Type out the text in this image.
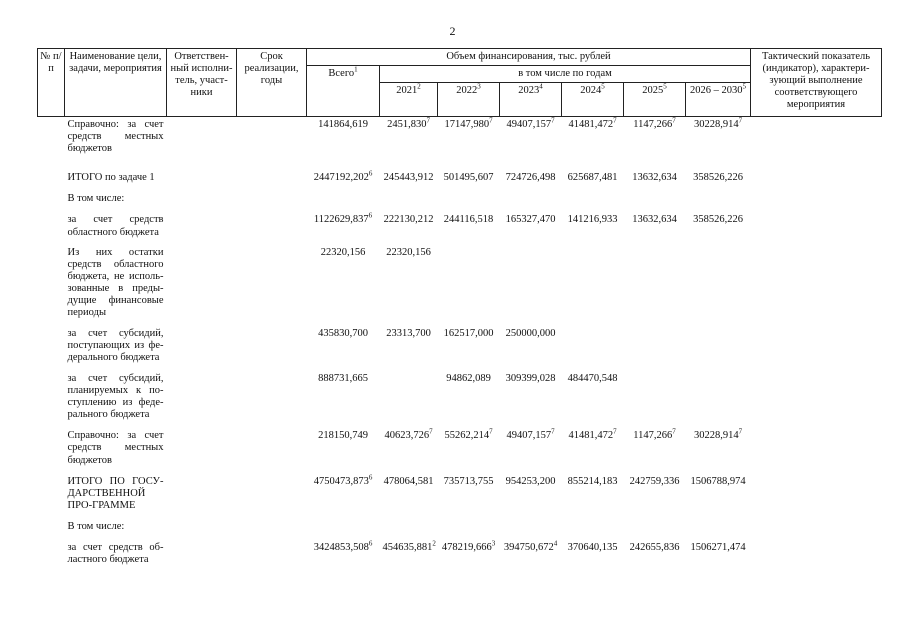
2
№ п/п	Наименование цели, задачи, мероприятия	Ответствен-ный исполни-тель, участ-ники	Срок реализации, годы	Объем финансирования, тыс. рублей							Тактический показатель (индикатор), характери-зующий выполнение соответствующего мероприятия
				Всего$^1$	в том числе по годам						
					2021$^2$	2022$^3$	2023$^4$	2024$^5$	2025$^5$	2026 – 2030$^5$
	Справочно: за счет средств местных бюджетов			141864,619	2451,830$^7$	17147,980$^7$	49407,157$^7$	41481,472$^7$	1147,266$^7$	30228,914$^7$	
	ИТОГО по задаче 1			2447192,202$^6$	245443,912	501495,607	724726,498	625687,481	13632,634	358526,226	
	В том числе:										
	за счет средств областного бюджета			1122629,837$^6$	222130,212	244116,518	165327,470	141216,933	13632,634	358526,226	
	Из них остатки средств областного бюджета, не исполь-зованные в преды-дущие финансовые периоды			22320,156	22320,156						
	за счет субсидий, поступающих из фе-дерального бюджета			435830,700	23313,700	162517,000	250000,000				
	за счет субсидий, планируемых к по-ступлению из феде-рального бюджета			888731,665		94862,089	309399,028	484470,548			
	Справочно: за счет средств местных бюджетов			218150,749	40623,726$^7$	55262,214$^7$	49407,157$^7$	41481,472$^7$	1147,266$^7$	30228,914$^7$	
	ИТОГО ПО ГОСУ-ДАРСТВЕННОЙ ПРО-ГРАММЕ			4750473,873$^6$	478064,581	735713,755	954253,200	855214,183	242759,336	1506788,974	
	В том числе:										
	за счет средств об-ластного бюджета			3424853,508$^6$	454635,881$^2$	478219,666$^3$	394750,672$^4$	370640,135	242655,836	1506271,474	
